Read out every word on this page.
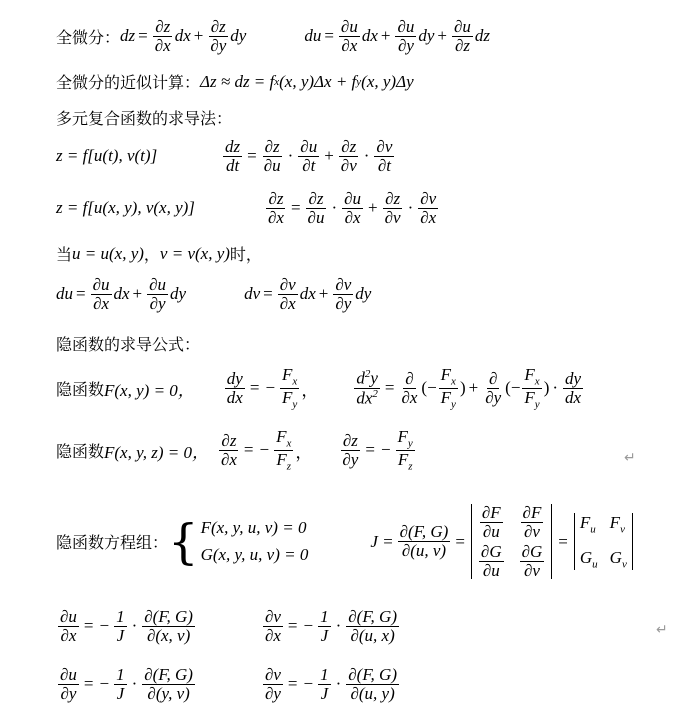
全微分： dz = $\frac{\partial z}{\partial x}$ dx + $\frac{\partial z}{\partial y}$ dy	du = $\frac{\partial u}{\partial x}$ dx + $\frac{\partial u}{\partial y}$ dy + $\frac{\partial u}{\partial z}$ dz
全微分的近似计算： Δz ≈ dz = f x (x, y)Δx + f y (x, y)Δy
多元复合函数的求导法：
z = f[u(t), v(t)]	$\frac{dz}{dt} = \frac{\partial z}{\partial u} \cdot \frac{\partial u}{\partial t} + \frac{\partial z}{\partial v} \cdot \frac{\partial v}{\partial t}$
z = f[u(x, y), v(x, y)]	$\frac{\partial z}{\partial x} = \frac{\partial z}{\partial u} \cdot \frac{\partial u}{\partial x} + \frac{\partial z}{\partial v} \cdot \frac{\partial v}{\partial x}$
当 u = u(x, y) ， v = v(x, y) 时，
du = $\frac{\partial u}{\partial x}$ dx + $\frac{\partial u}{\partial y}$ dy	dv = $\frac{\partial v}{\partial x}$ dx + $\frac{\partial v}{\partial y}$ dy
隐函数的求导公式：
隐函数 F(x, y) = 0， $\frac{dy}{dx}$ = − $\frac{F_x}{F_y}$ ， $\frac{d^2y}{dx^2} = \frac{\partial}{\partial x}$ (− $\frac{F_x}{F_y}$ ) + $\frac{\partial}{\partial y}$ (− $\frac{F_x}{F_y}$ ) · $\frac{dy}{dx}$
隐函数 F(x, y, z) = 0， $\frac{\partial z}{\partial x}$ = − $\frac{F_x}{F_z}$ ， $\frac{\partial z}{\partial y}$ = − $\frac{F_y}{F_z}$	↵
隐函数方程组： { F(x, y, u, v) = 0
G(x, y, u, v) = 0
$J = \frac{\partial(F, G)}{\partial(u, v)}$ =
$\frac{\partial F}{\partial u} \frac{\partial F}{\partial v}$
$\frac{\partial G}{\partial u} \frac{\partial G}{\partial v}$
=
$F_u$ $F_v$
$G_u$ $G_v$
$\frac{\partial u}{\partial x}$ = − $\frac{1}{J} \cdot \frac{\partial(F, G)}{\partial(x, v)}$	$\frac{\partial v}{\partial x}$ = − $\frac{1}{J} \cdot \frac{\partial(F, G)}{\partial(u, x)}$	↵
$\frac{\partial u}{\partial y}$ = − $\frac{1}{J} \cdot \frac{\partial(F, G)}{\partial(y, v)}$	$\frac{\partial v}{\partial y}$ = − $\frac{1}{J} \cdot \frac{\partial(F, G)}{\partial(u, y)}$
